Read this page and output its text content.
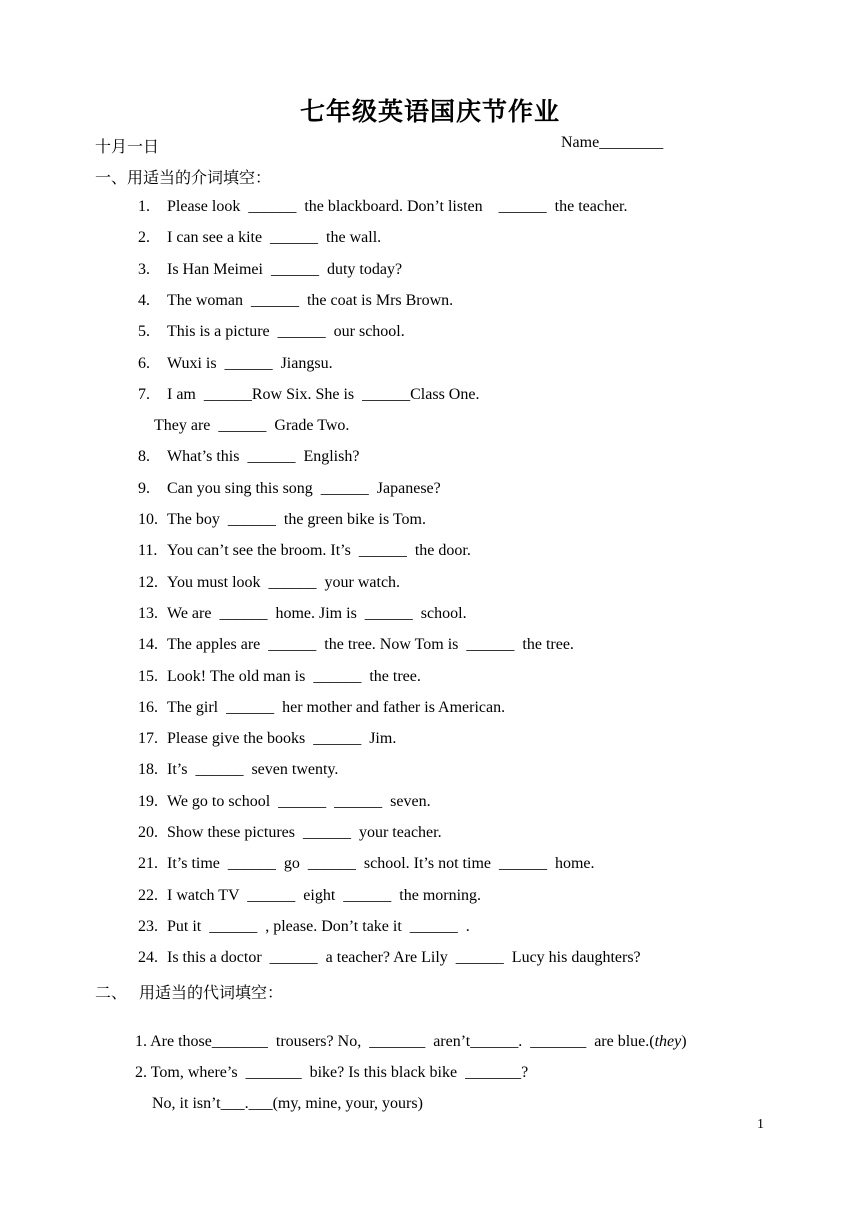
七年级英语国庆节作业
十月一日	Name________
一、用适当的介词填空：
1. Please look  ______  the blackboard. Don’t listen    ______  the teacher.
2. I can see a kite  ______  the wall.
3. Is Han Meimei  ______  duty today?
4. The woman  ______  the coat is Mrs Brown.
5. This is a picture  ______  our school.
6. Wuxi is  ______  Jiangsu.
7. I am  ______Row Six. She is  ______Class One.
They are  ______  Grade Two.
8. What’s this  ______  English?
9. Can you sing this song  ______  Japanese?
10. The boy  ______  the green bike is Tom.
11. You can’t see the broom. It’s  ______  the door.
12. You must look  ______  your watch.
13. We are  ______  home. Jim is  ______  school.
14. The apples are  ______  the tree. Now Tom is  ______  the tree.
15. Look! The old man is  ______  the tree.
16. The girl  ______  her mother and father is American.
17. Please give the books  ______  Jim.
18. It’s  ______  seven twenty.
19. We go to school  ______  ______  seven.
20. Show these pictures  ______  your teacher.
21. It’s time  ______  go  ______  school. It’s not time  ______  home.
22. I watch TV  ______  eight  ______  the morning.
23. Put it  ______  , please. Don’t take it  ______  .
24. Is this a doctor  ______  a teacher? Are Lily  ______  Lucy his daughters?
二、   用适当的代词填空：

1. Are those_______  trousers? No,  _______  aren’t______.  _______  are blue.(they)

2. Tom, where’s  _______  bike? Is this black bike  _______?

No, it isn’t___.___(my, mine, your, yours)

1
